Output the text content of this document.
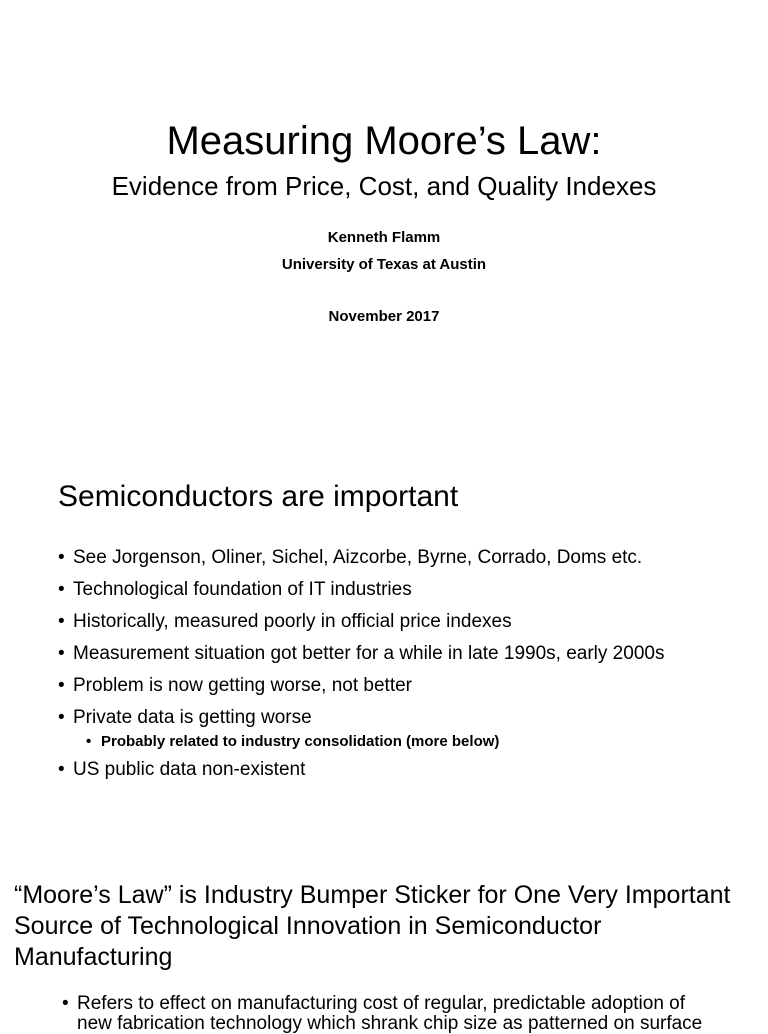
Measuring Moore’s Law:
Evidence from Price, Cost, and Quality Indexes
Kenneth Flamm
University of Texas at Austin
November 2017
Semiconductors are important
• See Jorgenson, Oliner, Sichel, Aizcorbe, Byrne, Corrado, Doms etc.
• Technological foundation of IT industries
• Historically, measured poorly in official price indexes
• Measurement situation got better for a while in late 1990s, early 2000s
• Problem is now getting worse, not better
• Private data is getting worse
• Probably related to industry consolidation (more below)
• US public data non-existent
“Moore’s Law” is Industry Bumper Sticker for One Very Important Source of Technological Innovation in Semiconductor Manufacturing
• Refers to effect on manufacturing cost of regular, predictable adoption of new fabrication technology which shrank chip size as patterned on surface
